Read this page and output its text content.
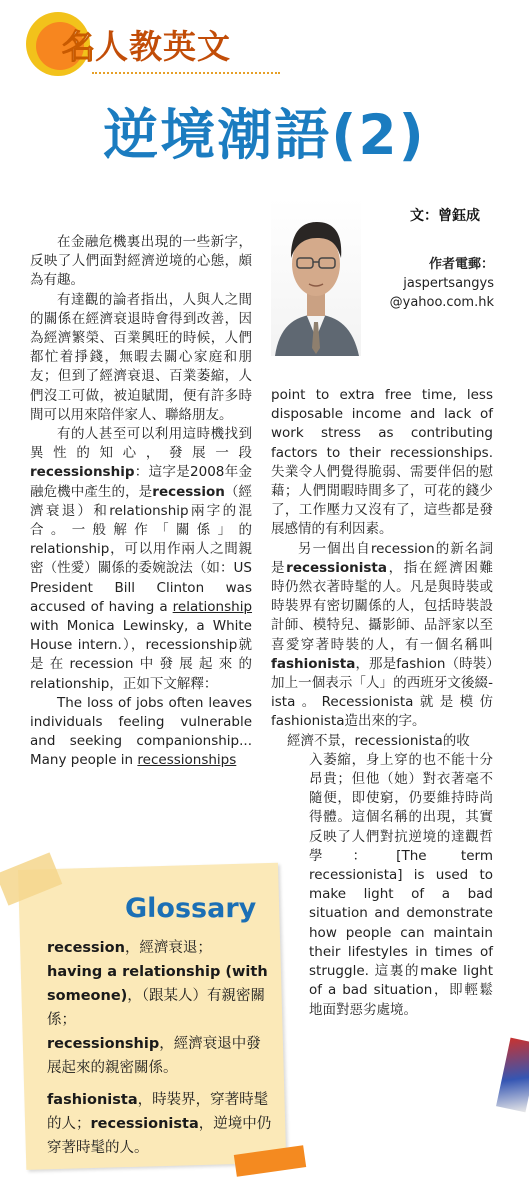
名 人教英文
逆境潮語(2)
文：曾鈺成
作者電郵：
jaspertsangys
@yahoo.com.hk

在金融危機裏出現的一些新字，反映了人們面對經濟逆境的心態，頗為有趣。

有達觀的論者指出，人與人之間的關係在經濟衰退時會得到改善，因為經濟繁榮、百業興旺的時候，人們都忙着掙錢，無暇去關心家庭和朋友；但到了經濟衰退、百業萎縮，人們沒工可做，被迫賦閒，便有許多時間可以用來陪伴家人、聯絡朋友。

有的人甚至可以利用這時機找到異性的知心，發展一段recessionship：這字是2008年金融危機中產生的，是recession（經濟衰退）和relationship兩字的混合。一般解作「關係」的relationship，可以用作兩人之間親密（性愛）關係的委婉說法（如：US President Bill Clinton was accused of having a relationship with Monica Lewinsky, a White House intern.），recessionship就是在recession中發展起來的relationship，正如下文解釋：

The loss of jobs often leaves individuals feeling vulnerable and seeking companionship... Many people in recessionships

point to extra free time, less disposable income and lack of work stress as contributing factors to their recessionships. 失業令人們覺得脆弱、需要伴侶的慰藉；人們閒暇時間多了，可花的錢少了，工作壓力又沒有了，這些都是發展感情的有利因素。

另一個出自recession的新名詞是recessionista，指在經濟困難時仍然衣著時髦的人。凡是與時裝或時裝界有密切關係的人，包括時裝設計師、模特兒、攝影師、品評家以至喜愛穿著時裝的人，有一個名稱叫fashionista，那是fashion（時裝）加上一個表示「人」的西班牙文後綴-ista。Recessionista就是模仿fashionista造出來的字。

經濟不景，recessionista的收
入萎縮，身上穿的也不能十分昂貴；但他（她）對衣著毫不隨便，即使窮，仍要維持時尚得體。這個名稱的出現，其實反映了人們對抗逆境的達觀哲學：[The term recessionista] is used to make light of a bad situation and demonstrate how people can maintain their lifestyles in times of struggle. 這裏的make light of a bad situation，即輕鬆地面對惡劣處境。

Glossary

recession，經濟衰退；
having a relationship (with someone)，（跟某人）有親密關係；
recessionship，經濟衰退中發展起來的親密關係。

fashionista，時裝界，穿著時髦的人；recessionista，逆境中仍穿著時髦的人。
